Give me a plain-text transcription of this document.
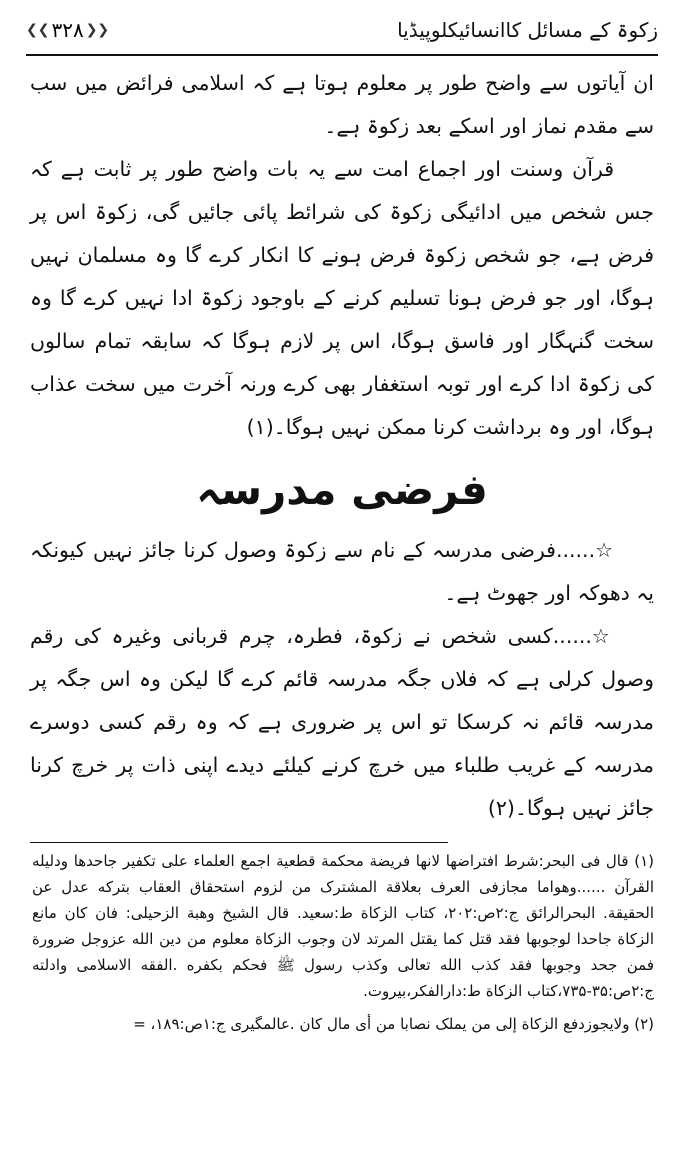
❮❮ ۳۲۸ ❯❯	زکوۃ کے مسائل کاانسائیکلوپیڈیا

ان آیاتوں سے واضح طور پر معلوم ہوتا ہے کہ اسلامی فرائض میں سب سے مقدم نماز اور اسکے بعد زکوۃ ہے۔

قرآن وسنت اور اجماع امت سے یہ بات واضح طور پر ثابت ہے کہ جس شخص میں ادائیگی زکوۃ کی شرائط پائی جائیں گی، زکوۃ اس پر فرض ہے، جو شخص زکوۃ فرض ہونے کا انکار کرے گا وہ مسلمان نہیں ہوگا، اور جو فرض ہونا تسلیم کرنے کے باوجود زکوۃ ادا نہیں کرے گا وہ سخت گنہگار اور فاسق ہوگا، اس پر لازم ہوگا کہ سابقہ تمام سالوں کی زکوۃ ادا کرے اور توبہ استغفار بھی کرے ورنہ آخرت میں سخت عذاب ہوگا، اور وہ برداشت کرنا ممکن نہیں ہوگا۔(۱)

فرضی مدرسہ

☆......فرضی مدرسہ کے نام سے زکوۃ وصول کرنا جائز نہیں کیونکہ یہ دھوکہ اور جھوٹ ہے۔

☆......کسی شخص نے زکوۃ، فطرہ، چرم قربانی وغیرہ کی رقم وصول کرلی ہے کہ فلاں جگہ مدرسہ قائم کرے گا لیکن وہ اس جگہ پر مدرسہ قائم نہ کرسکا تو اس پر ضروری ہے کہ وہ رقم کسی دوسرے مدرسہ کے غریب طلباء میں خرچ کرنے کیلئے دیدے اپنی ذات پر خرچ کرنا جائز نہیں ہوگا۔(۲)

(۱) قال فی البحر:شرط افتراضها لانها فریضة محکمة قطعیة اجمع العلماء علی تکفیر جاحدها ودلیله القرآن ......وهواما مجازفی العرف بعلاقة المشترک من لزوم استحقاق العقاب بترکه عدل عن الحقیقة. البحرالرائق ج:۲ص:۲۰۲، کتاب الزکاة ط:سعید. قال الشیخ وهبة الزحیلی: فان کان مانع الزکاة جاحدا لوجوبها فقد قتل کما یقتل المرتد لان وجوب الزکاة معلوم من دین الله عزوجل ضرورة فمن جحد وجوبها فقد کذب الله تعالی وکذب رسول ﷺ فحکم بکفره .الفقه الاسلامی وادلته ج:۲ص:۳۵-۷۳۵،کتاب الزکاة ط:دارالفکر،بیروت.

(۲) ولایجوزدفع الزکاة إلی من یملک نصابا من أی مال کان .عالمگیری ج:۱ص:۱۸۹، =
